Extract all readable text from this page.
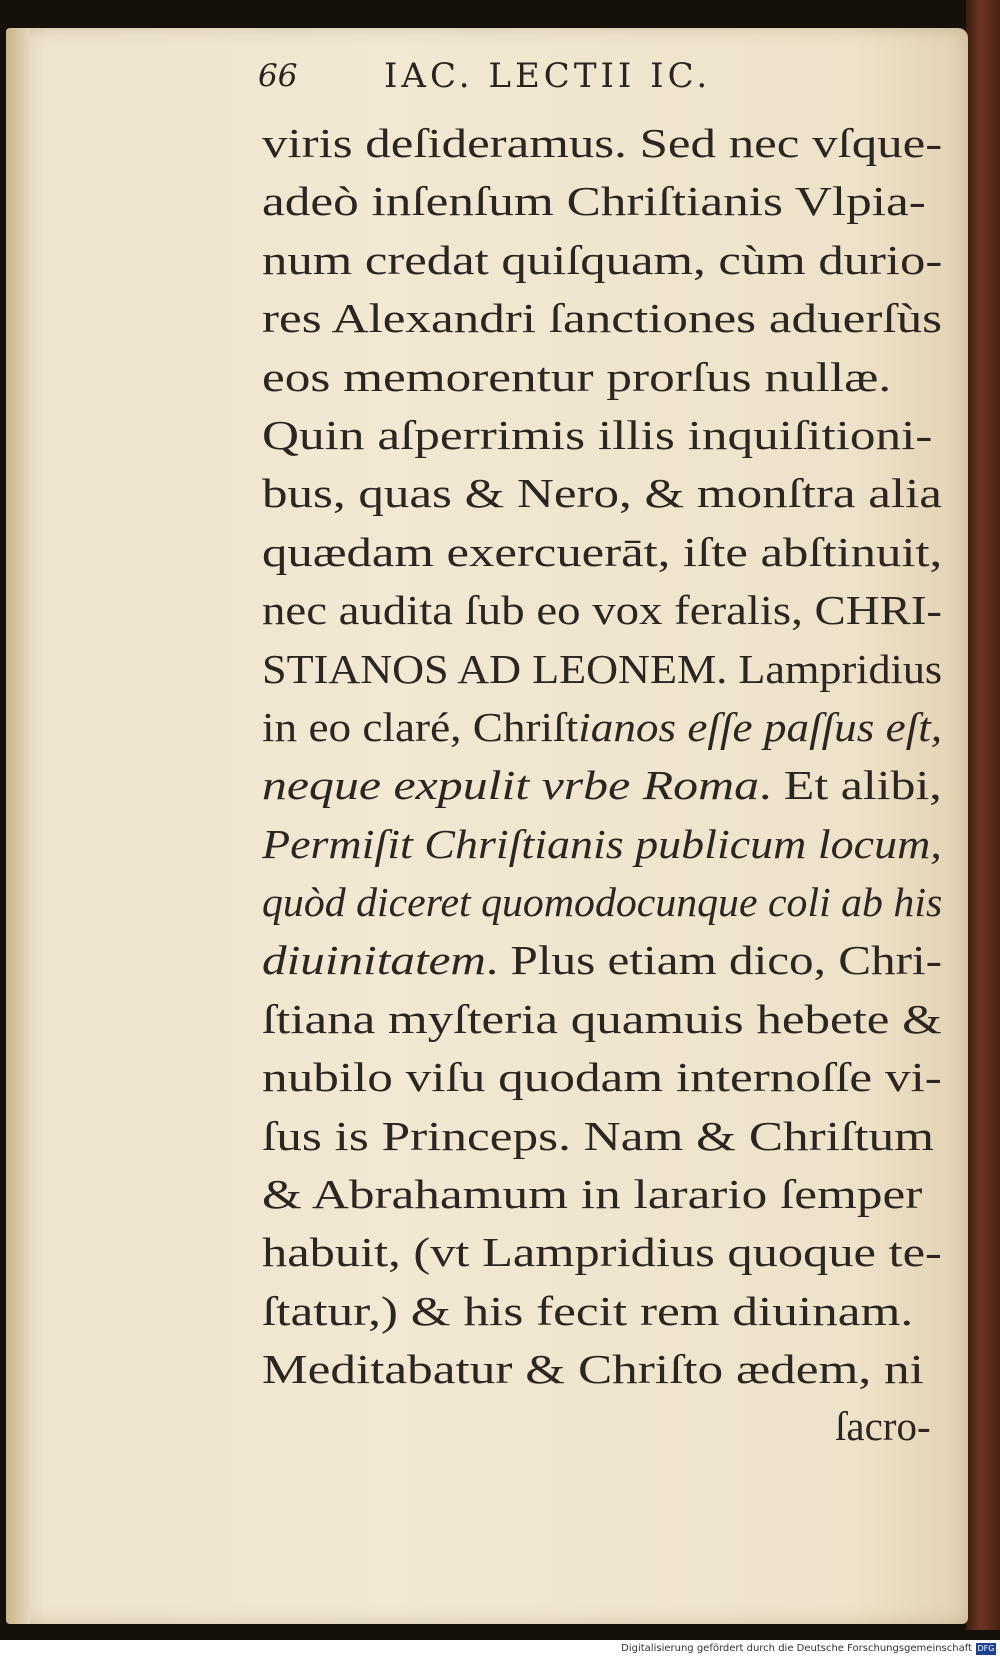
66	IAC. LECTII IC.
viris deſideramus. Sed nec vſque-
adeò inſenſum Chriſtianis Vlpia-
num credat quiſquam, cùm durio-
res Alexandri ſanctiones aduerſùs
eos memorentur prorſus nullæ.
Quin aſperrimis illis inquiſitioni-
bus, quas & Nero, & monſtra alia
quædam exercuerāt, iſte abſtinuit,
nec audita ſub eo vox feralis, CHRI-
STIANOS AD LEONEM. Lampridius
in eo claré, Chriſtianos eſſe paſſus eſt,
neque expulit vrbe Roma. Et alibi,
Permiſit Chriſtianis publicum locum,
quòd diceret quomodocunque coli ab his
diuinitatem. Plus etiam dico, Chri-
ſtiana myſteria quamuis hebete &
nubilo viſu quodam internoſſe vi-
ſus is Princeps. Nam & Chriſtum
& Abrahamum in larario ſemper
habuit, (vt Lampridius quoque te-
ſtatur,) & his fecit rem diuinam.
Meditabatur & Chriſto ædem, ni
ſacro-
Digitalisierung gefördert durch die Deutsche Forschungsgemeinschaft DFG
